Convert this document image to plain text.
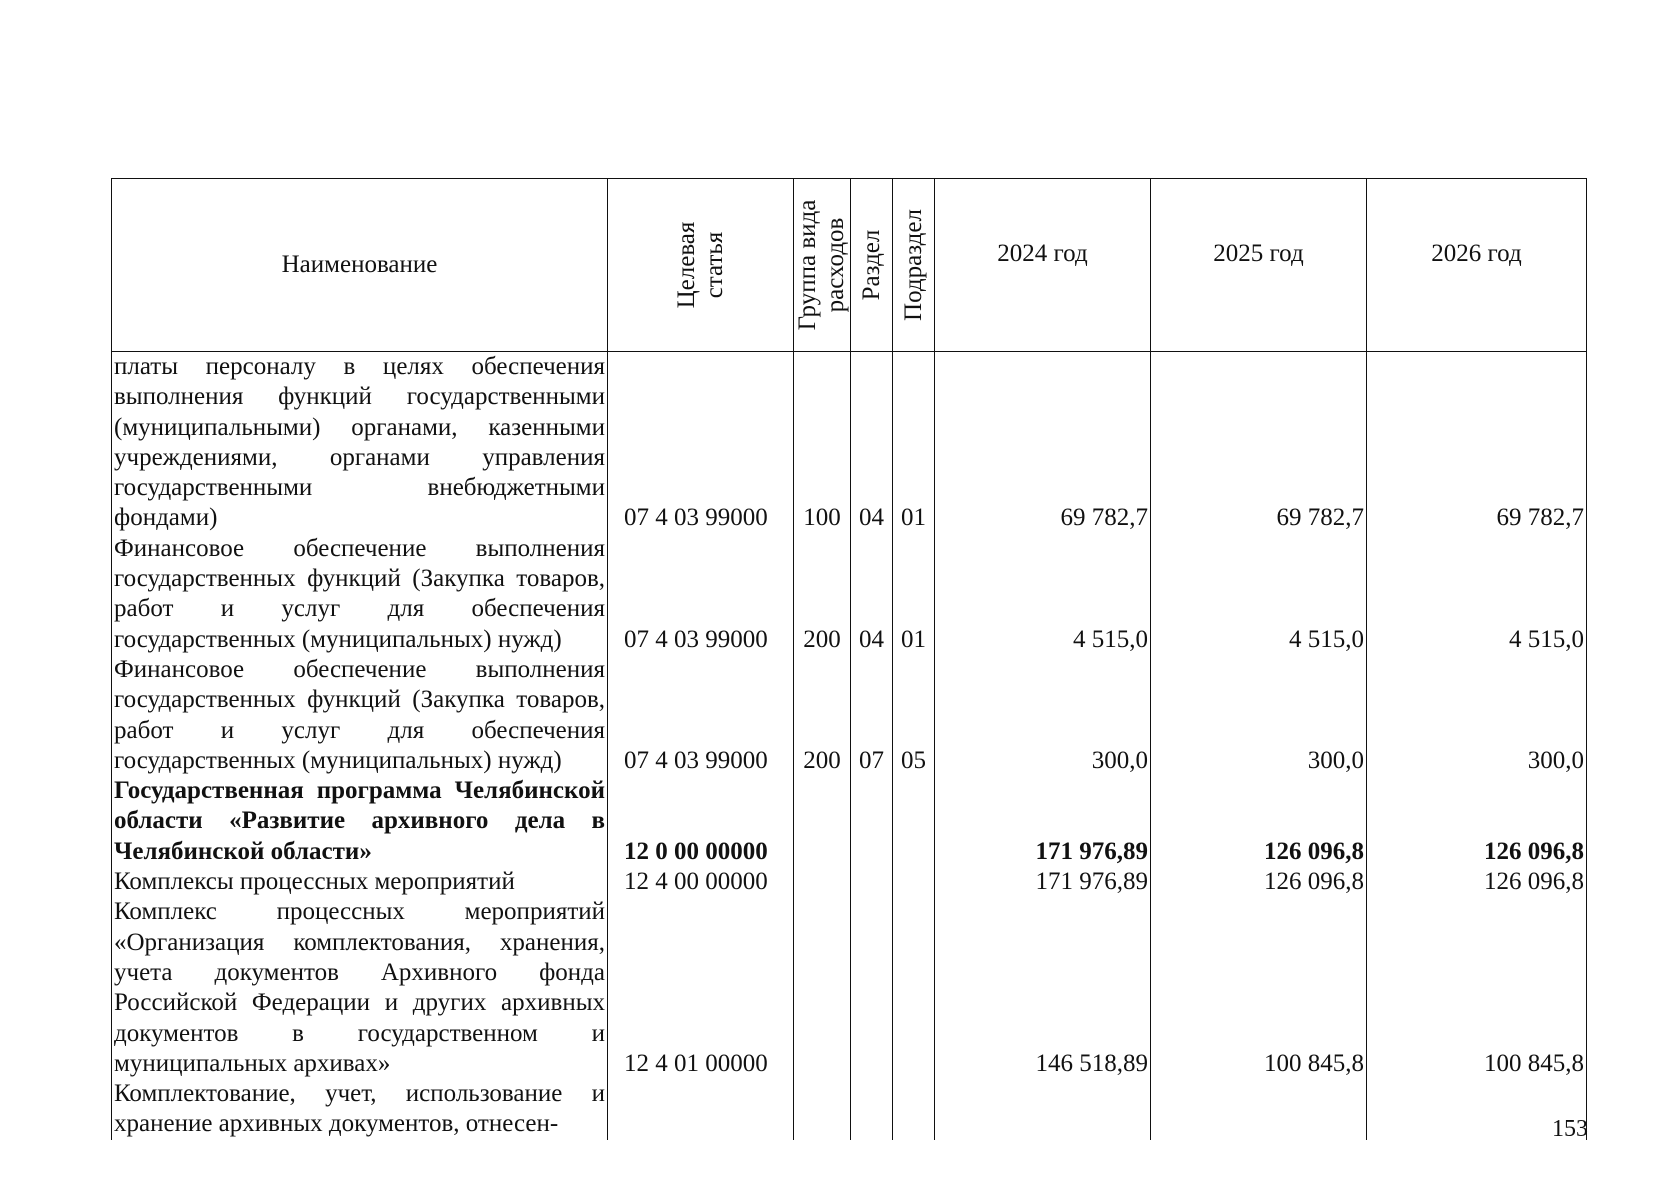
Наименование	Целевая статья	Группа вида расходов	Раздел	Подраздел	2024 год	2025 год	2026 год
платы персоналу в целях обеспечения выполнения функций государственными (муниципальными) органами, казенными учреждениями, органами управления государственными внебюджетными фондами)	07 4 03 99000	100	04	01	69 782,7	69 782,7	69 782,7
Финансовое обеспечение выполнения государственных функций (Закупка товаров, работ и услуг для обеспечения государственных (муниципальных) нужд)	07 4 03 99000	200	04	01	4 515,0	4 515,0	4 515,0
Финансовое обеспечение выполнения государственных функций (Закупка товаров, работ и услуг для обеспечения государственных (муниципальных) нужд)	07 4 03 99000	200	07	05	300,0	300,0	300,0
Государственная программа Челябинской области «Развитие архивного дела в Челябинской области»	12 0 00 00000				171 976,89	126 096,8	126 096,8
Комплексы процессных мероприятий	12 4 00 00000				171 976,89	126 096,8	126 096,8
Комплекс процессных мероприятий «Организация комплектования, хранения, учета документов Архивного фонда Российской Федерации и других архивных документов в государственном и муниципальных архивах»	12 4 01 00000				146 518,89	100 845,8	100 845,8
Комплектование, учет, использование и хранение архивных документов, отнесен-								153
